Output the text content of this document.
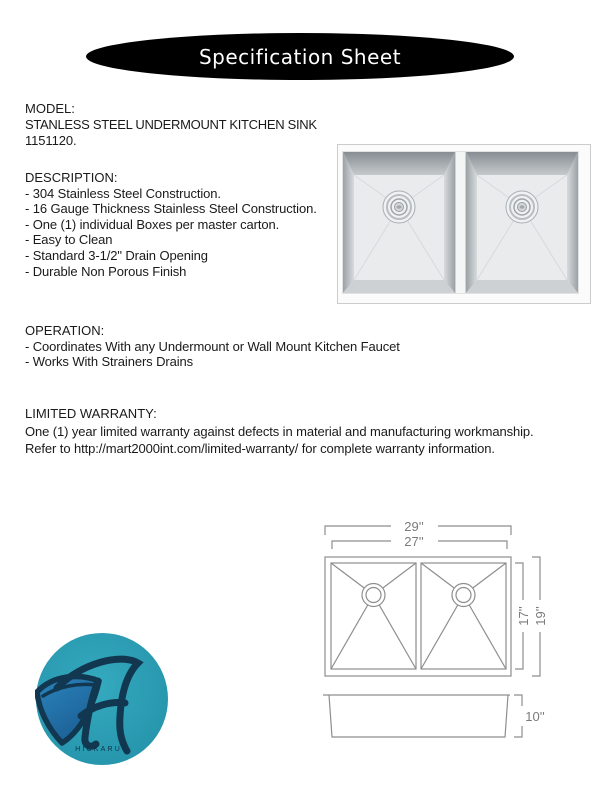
Specification Sheet
MODEL:
STANLESS STEEL UNDERMOUNT KITCHEN SINK
1151120.
DESCRIPTION:
- 304 Stainless Steel Construction.
- 16 Gauge Thickness Stainless Steel Construction.
- One (1) individual Boxes per master carton.
- Easy to Clean
- Standard 3-1/2" Drain Opening
- Durable Non Porous Finish
OPERATION:
- Coordinates With any Undermount or Wall Mount Kitchen Faucet
- Works With Strainers Drains
LIMITED WARRANTY:
One (1) year limited warranty against defects in material and manufacturing workmanship.
Refer to http://mart2000int.com/limited-warranty/ for complete warranty information.
29''
27''
17'' 19''
10''
HICKARUS
